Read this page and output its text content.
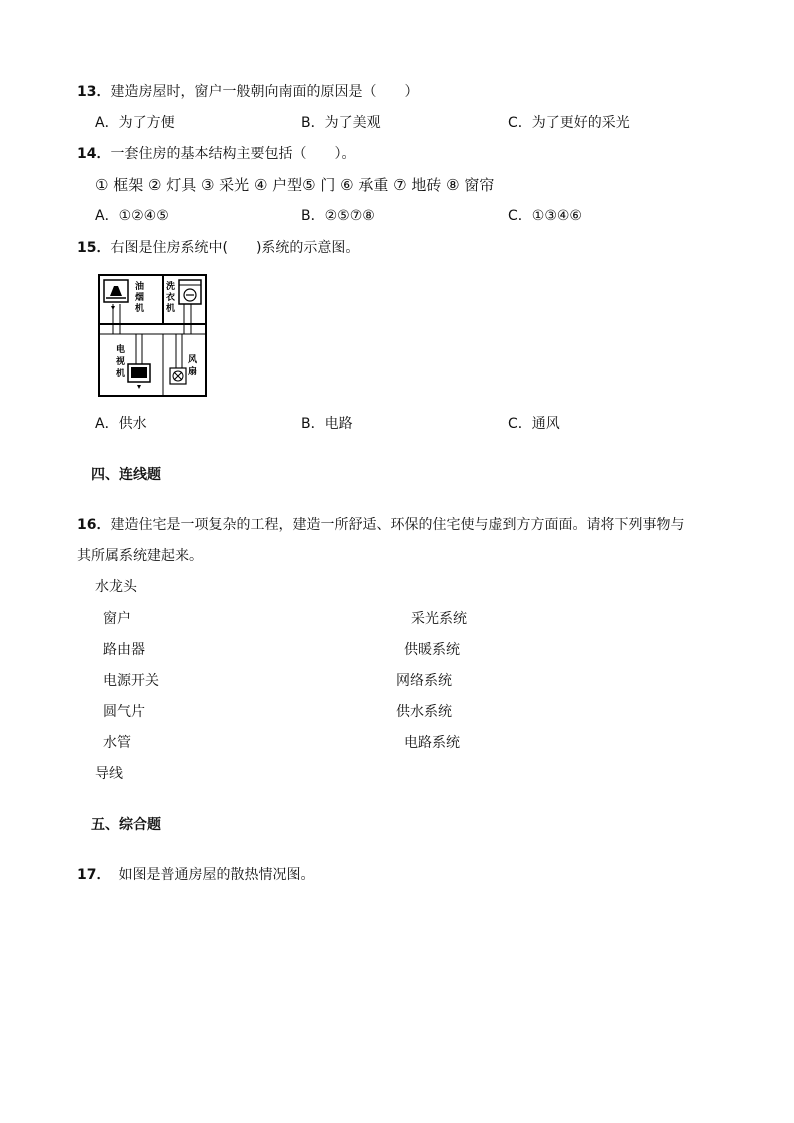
13．建造房屋时，窗户一般朝向南面的原因是（　　）
A．为了方便	B．为了美观	C．为了更好的采光
14．一套住房的基本结构主要包括（　　）。
① 框架 ② 灯具 ③ 采光 ④ 户型⑤ 门 ⑥ 承重 ⑦ 地砖 ⑧ 窗帘
A．①②④⑤	B．②⑤⑦⑧	C．①③④⑥
15．右图是住房系统中(　　)系统的示意图。
油
烟
机
洗
衣
机
电
视
机
风
扇
A．供水	B．电路	C．通风
四、连线题
16．建造住宅是一项复杂的工程，建造一所舒适、环保的住宅使与虚到方方面面。请将下列事物与
其所属系统建起来。
水龙头
窗户
路由器
电源开关
圆气片
水管
导线
采光系统
供暖系统
网络系统
供水系统
电路系统
五、综合题
17． 如图是普通房屋的散热情况图。
